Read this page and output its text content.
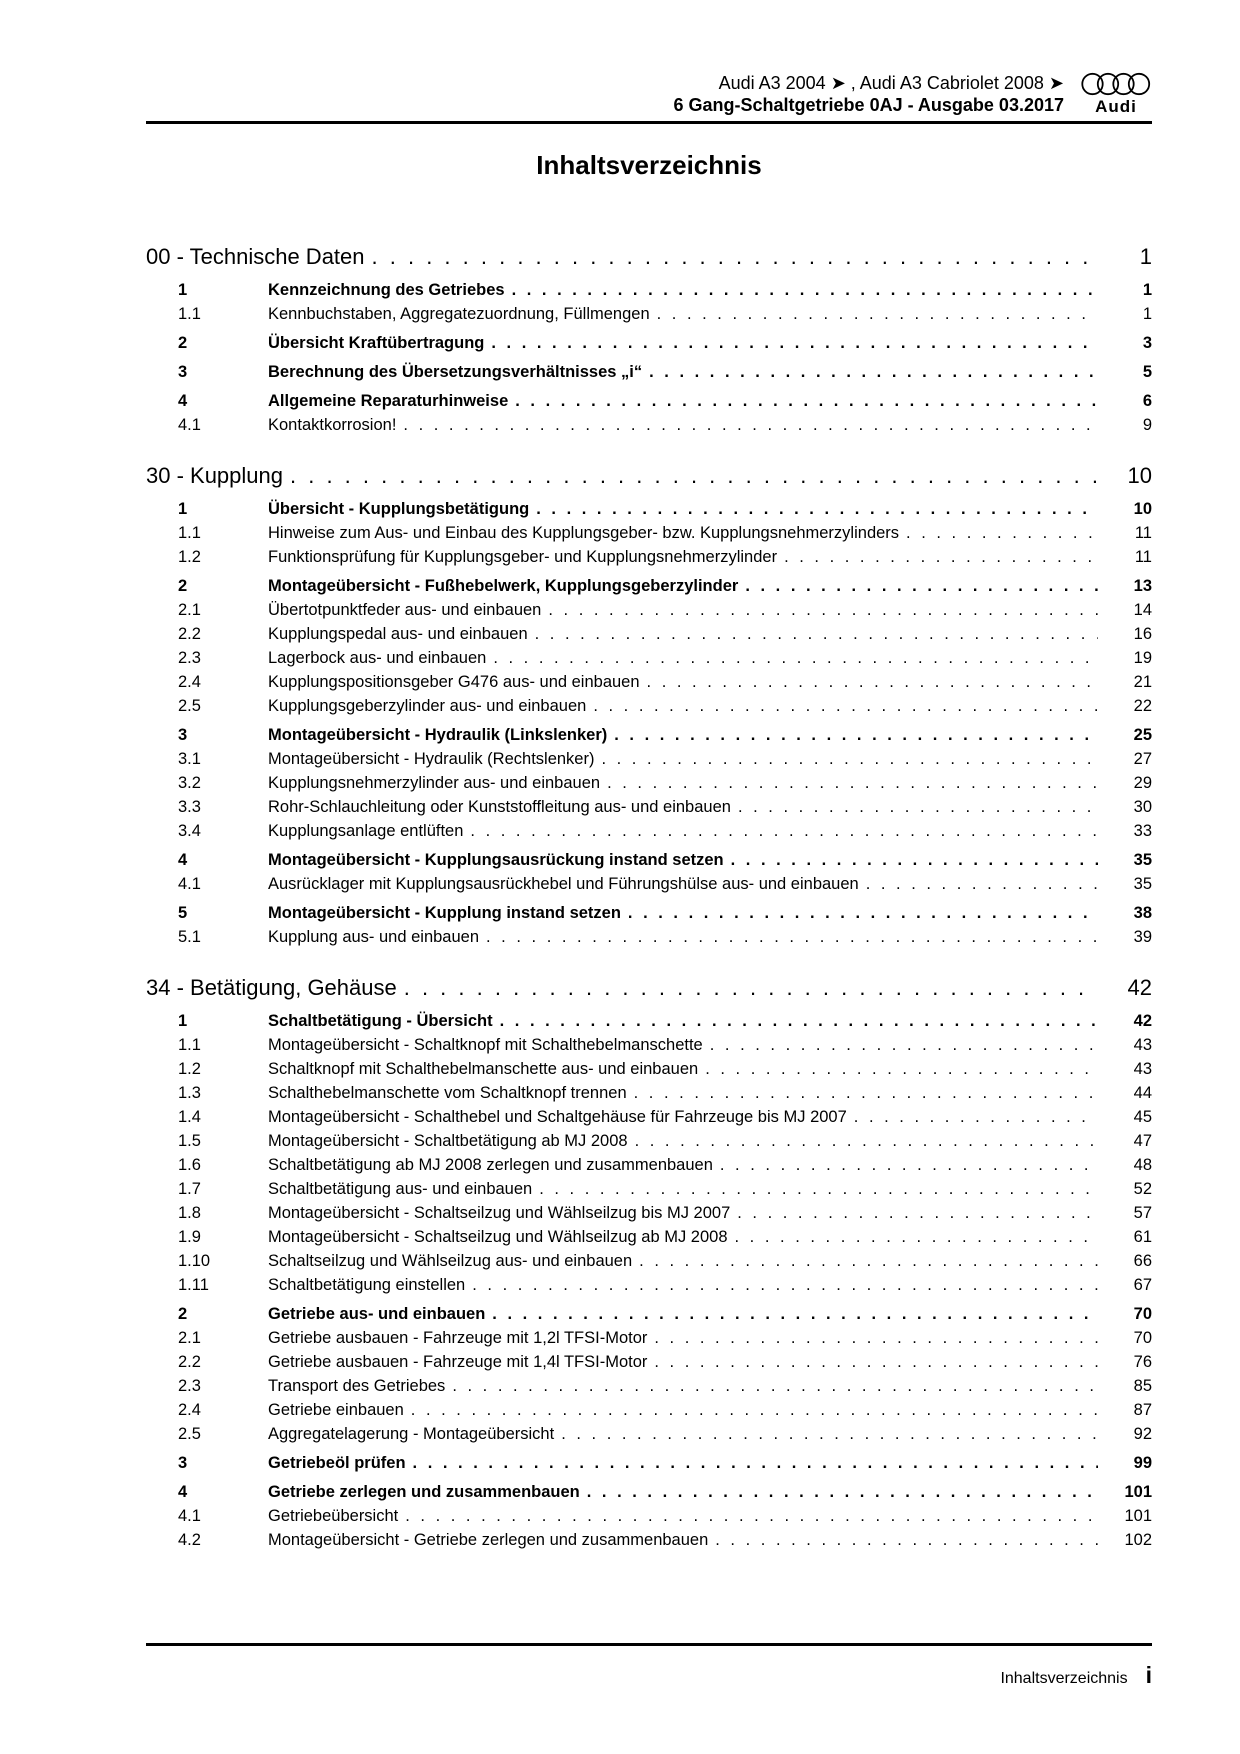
Audi A3 2004 ➤ , Audi A3 Cabriolet 2008 ➤
6 Gang-Schaltgetriebe 0AJ - Ausgabe 03.2017 Audi
Inhaltsverzeichnis
00 - Technische Daten . . .	1
1	Kennzeichnung des Getriebes . . .	1
1.1	Kennbuchstaben, Aggregatezuordnung, Füllmengen . . .	1
2	Übersicht Kraftübertragung . . .	3
3	Berechnung des Übersetzungsverhältnisses „i“ . . .	5
4	Allgemeine Reparaturhinweise . . .	6
4.1	Kontaktkorrosion! . . .	9
30 - Kupplung . . .	10
1	Übersicht - Kupplungsbetätigung . . .	10
1.1	Hinweise zum Aus- und Einbau des Kupplungsgeber- bzw. Kupplungsnehmerzylinders . . .	11
1.2	Funktionsprüfung für Kupplungsgeber- und Kupplungsnehmerzylinder . . .	11
2	Montageübersicht - Fußhebelwerk, Kupplungsgeberzylinder . . .	13
2.1	Übertotpunktfeder aus- und einbauen . . .	14
2.2	Kupplungspedal aus- und einbauen . . .	16
2.3	Lagerbock aus- und einbauen . . .	19
2.4	Kupplungspositionsgeber G476 aus- und einbauen . . .	21
2.5	Kupplungsgeberzylinder aus- und einbauen . . .	22
3	Montageübersicht - Hydraulik (Linkslenker) . . .	25
3.1	Montageübersicht - Hydraulik (Rechtslenker) . . .	27
3.2	Kupplungsnehmerzylinder aus- und einbauen . . .	29
3.3	Rohr-Schlauchleitung oder Kunststoffleitung aus- und einbauen . . .	30
3.4	Kupplungsanlage entlüften . . .	33
4	Montageübersicht - Kupplungsausrückung instand setzen . . .	35
4.1	Ausrücklager mit Kupplungsausrückhebel und Führungshülse aus- und einbauen . . .	35
5	Montageübersicht - Kupplung instand setzen . . .	38
5.1	Kupplung aus- und einbauen . . .	39
34 - Betätigung, Gehäuse . . .	42
1	Schaltbetätigung - Übersicht . . .	42
1.1	Montageübersicht - Schaltknopf mit Schalthebelmanschette . . .	43
1.2	Schaltknopf mit Schalthebelmanschette aus- und einbauen . . .	43
1.3	Schalthebelmanschette vom Schaltknopf trennen . . .	44
1.4	Montageübersicht - Schalthebel und Schaltgehäuse für Fahrzeuge bis MJ 2007 . . .	45
1.5	Montageübersicht - Schaltbetätigung ab MJ 2008 . . .	47
1.6	Schaltbetätigung ab MJ 2008 zerlegen und zusammenbauen . . .	48
1.7	Schaltbetätigung aus- und einbauen . . .	52
1.8	Montageübersicht - Schaltseilzug und Wählseilzug bis MJ 2007 . . .	57
1.9	Montageübersicht - Schaltseilzug und Wählseilzug ab MJ 2008 . . .	61
1.10	Schaltseilzug und Wählseilzug aus- und einbauen . . .	66
1.11	Schaltbetätigung einstellen . . .	67
2	Getriebe aus- und einbauen . . .	70
2.1	Getriebe ausbauen - Fahrzeuge mit 1,2l TFSI-Motor . . .	70
2.2	Getriebe ausbauen - Fahrzeuge mit 1,4l TFSI-Motor . . .	76
2.3	Transport des Getriebes . . .	85
2.4	Getriebe einbauen . . .	87
2.5	Aggregatelagerung - Montageübersicht . . .	92
3	Getriebeöl prüfen . . .	99
4	Getriebe zerlegen und zusammenbauen . . .	101
4.1	Getriebeübersicht . . .	101
4.2	Montageübersicht - Getriebe zerlegen und zusammenbauen . . .	102
Inhaltsverzeichnis i
